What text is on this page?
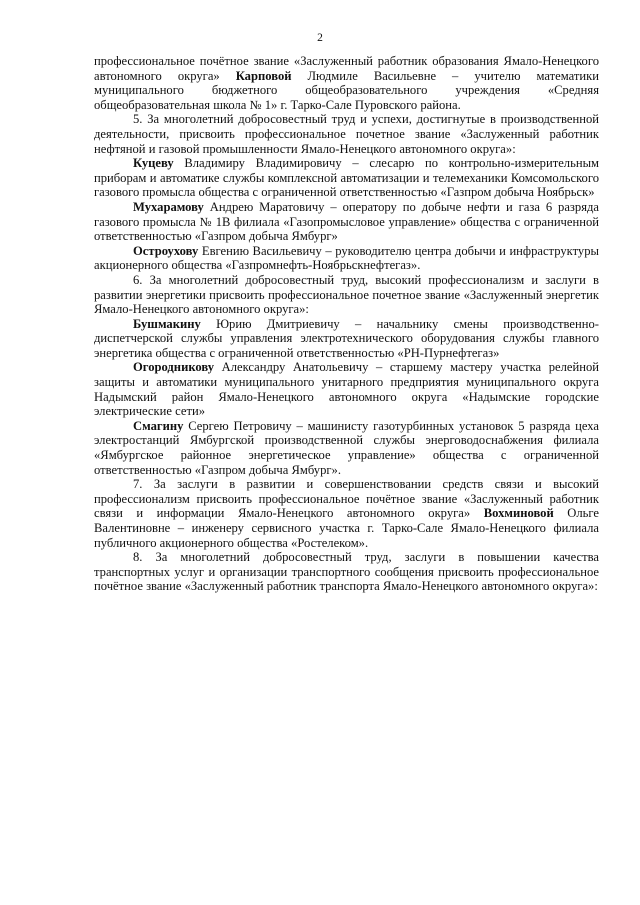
2

профессиональное почётное звание «Заслуженный работник образования Ямало-Ненецкого автономного округа» Карповой Людмиле Васильевне – учителю математики муниципального бюджетного общеобразовательного учреждения «Средняя общеобразовательная школа № 1» г. Тарко-Сале Пуровского района.

5. За многолетний добросовестный труд и успехи, достигнутые в производственной деятельности, присвоить профессиональное почетное звание «Заслуженный работник нефтяной и газовой промышленности Ямало-Ненецкого автономного округа»:

Куцеву Владимиру Владимировичу – слесарю по контрольно-измерительным приборам и автоматике службы комплексной автоматизации и телемеханики Комсомольского газового промысла общества с ограниченной ответственностью «Газпром добыча Ноябрьск»

Мухарамову Андрею Маратовичу – оператору по добыче нефти и газа 6 разряда газового промысла № 1В филиала «Газопромысловое управление» общества с ограниченной ответственностью «Газпром добыча Ямбург»

Остроухову Евгению Васильевичу – руководителю центра добычи и инфраструктуры акционерного общества «Газпромнефть-Ноябрьскнефтегаз».

6. За многолетний добросовестный труд, высокий профессионализм и заслуги в развитии энергетики присвоить профессиональное почетное звание «Заслуженный энергетик Ямало-Ненецкого автономного округа»:

Бушмакину Юрию Дмитриевичу – начальнику смены производственно-диспетчерской службы управления электротехнического оборудования службы главного энергетика общества с ограниченной ответственностью «РН-Пурнефтегаз»

Огородникову Александру Анатольевичу – старшему мастеру участка релейной защиты и автоматики муниципального унитарного предприятия муниципального округа Надымский район Ямало-Ненецкого автономного округа «Надымские городские электрические сети»

Смагину Сергею Петровичу – машинисту газотурбинных установок 5 разряда цеха электростанций Ямбургской производственной службы энерговодоснабжения филиала «Ямбургское районное энергетическое управление» общества с ограниченной ответственностью «Газпром добыча Ямбург».

7. За заслуги в развитии и совершенствовании средств связи и высокий профессионализм присвоить профессиональное почётное звание «Заслуженный работник связи и информации Ямало-Ненецкого автономного округа» Вохминовой Ольге Валентиновне – инженеру сервисного участка г. Тарко-Сале Ямало-Ненецкого филиала публичного акционерного общества «Ростелеком».

8. За многолетний добросовестный труд, заслуги в повышении качества транспортных услуг и организации транспортного сообщения присвоить профессиональное почётное звание «Заслуженный работник транспорта Ямало-Ненецкого автономного округа»:
